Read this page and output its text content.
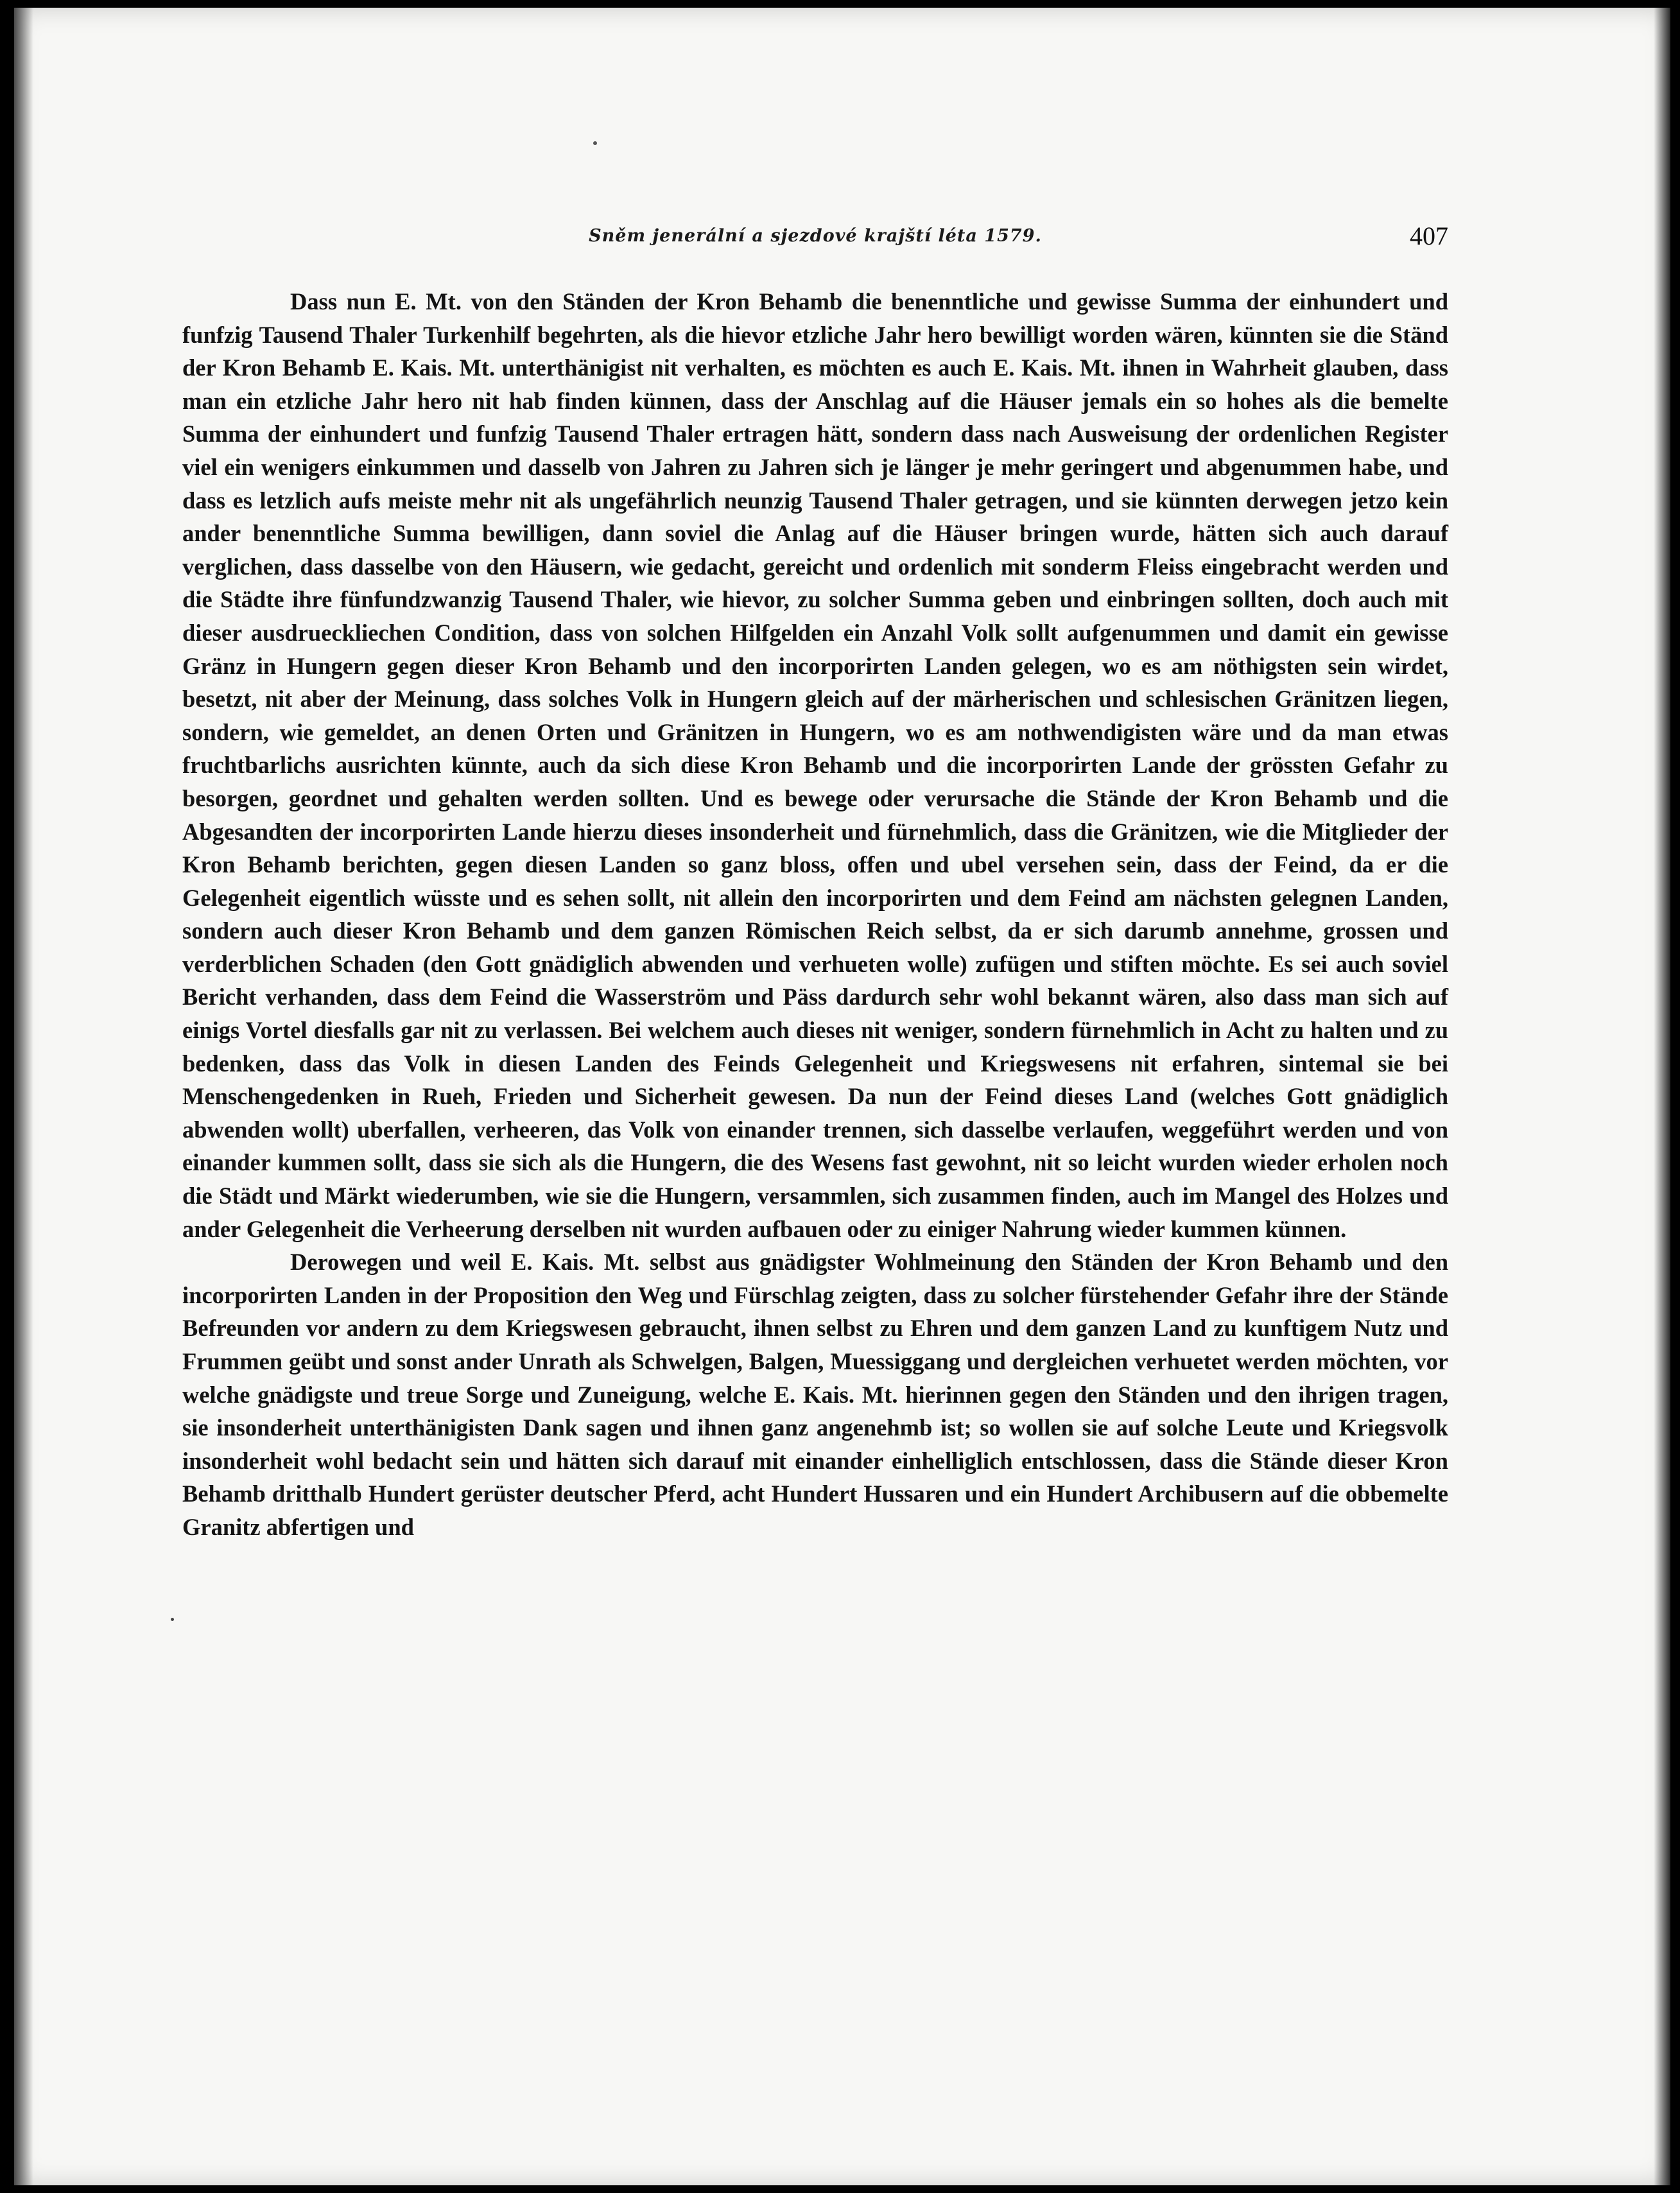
Sněm jenerální a sjezdové krajští léta 1579.	407

Dass nun E. Mt. von den Ständen der Kron Behamb die benenntliche und gewisse Summa der einhundert und funfzig Tausend Thaler Turkenhilf begehrten, als die hievor etzliche Jahr hero bewilligt worden wären, künnten sie die Ständ der Kron Behamb E. Kais. Mt. unterthänigist nit verhalten, es möchten es auch E. Kais. Mt. ihnen in Wahrheit glauben, dass man ein etzliche Jahr hero nit hab finden künnen, dass der Anschlag auf die Häuser jemals ein so hohes als die bemelte Summa der einhundert und funfzig Tausend Thaler ertragen hätt, sondern dass nach Ausweisung der ordenlichen Register viel ein wenigers einkummen und dasselb von Jahren zu Jahren sich je länger je mehr geringert und abgenummen habe, und dass es letzlich aufs meiste mehr nit als ungefährlich neunzig Tausend Thaler getragen, und sie künnten derwegen jetzo kein ander benenntliche Summa bewilligen, dann soviel die Anlag auf die Häuser bringen wurde, hätten sich auch darauf verglichen, dass dasselbe von den Häusern, wie gedacht, gereicht und ordenlich mit sonderm Fleiss eingebracht werden und die Städte ihre fünfundzwanzig Tausend Thaler, wie hievor, zu solcher Summa geben und einbringen sollten, doch auch mit dieser ausdrueckliechen Condition, dass von solchen Hilfgelden ein Anzahl Volk sollt aufgenummen und damit ein gewisse Gränz in Hungern gegen dieser Kron Behamb und den incorporirten Landen gelegen, wo es am nöthigsten sein wirdet, besetzt, nit aber der Meinung, dass solches Volk in Hungern gleich auf der märherischen und schlesischen Gränitzen liegen, sondern, wie gemeldet, an denen Orten und Gränitzen in Hungern, wo es am nothwendigisten wäre und da man etwas fruchtbarlichs ausrichten künnte, auch da sich diese Kron Behamb und die incorporirten Lande der grössten Gefahr zu besorgen, geordnet und gehalten werden sollten. Und es bewege oder verursache die Stände der Kron Behamb und die Abgesandten der incorporirten Lande hierzu dieses insonderheit und fürnehmlich, dass die Gränitzen, wie die Mitglieder der Kron Behamb berichten, gegen diesen Landen so ganz bloss, offen und ubel versehen sein, dass der Feind, da er die Gelegenheit eigentlich wüsste und es sehen sollt, nit allein den incorporirten und dem Feind am nächsten gelegnen Landen, sondern auch dieser Kron Behamb und dem ganzen Römischen Reich selbst, da er sich darumb annehme, grossen und verderblichen Schaden (den Gott gnädiglich abwenden und verhueten wolle) zufügen und stiften möchte. Es sei auch soviel Bericht verhanden, dass dem Feind die Wasserström und Päss dardurch sehr wohl bekannt wären, also dass man sich auf einigs Vortel diesfalls gar nit zu verlassen. Bei welchem auch dieses nit weniger, sondern fürnehmlich in Acht zu halten und zu bedenken, dass das Volk in diesen Landen des Feinds Gelegenheit und Kriegswesens nit erfahren, sintemal sie bei Menschengedenken in Rueh, Frieden und Sicherheit gewesen. Da nun der Feind dieses Land (welches Gott gnädiglich abwenden wollt) uberfallen, verheeren, das Volk von einander trennen, sich dasselbe verlaufen, weggeführt werden und von einander kummen sollt, dass sie sich als die Hungern, die des Wesens fast gewohnt, nit so leicht wurden wieder erholen noch die Städt und Märkt wiederumben, wie sie die Hungern, versammlen, sich zusammen finden, auch im Mangel des Holzes und ander Gelegenheit die Verheerung derselben nit wurden aufbauen oder zu einiger Nahrung wieder kummen künnen.

Derowegen und weil E. Kais. Mt. selbst aus gnädigster Wohlmeinung den Ständen der Kron Behamb und den incorporirten Landen in der Proposition den Weg und Fürschlag zeigten, dass zu solcher fürstehender Gefahr ihre der Stände Befreunden vor andern zu dem Kriegswesen gebraucht, ihnen selbst zu Ehren und dem ganzen Land zu kunftigem Nutz und Frummen geübt und sonst ander Unrath als Schwelgen, Balgen, Muessiggang und dergleichen verhuetet werden möchten, vor welche gnädigste und treue Sorge und Zuneigung, welche E. Kais. Mt. hierinnen gegen den Ständen und den ihrigen tragen, sie insonderheit unterthänigisten Dank sagen und ihnen ganz angenehmb ist; so wollen sie auf solche Leute und Kriegsvolk insonderheit wohl bedacht sein und hätten sich darauf mit einander einhelliglich entschlossen, dass die Stände dieser Kron Behamb dritthalb Hundert gerüster deutscher Pferd, acht Hundert Hussaren und ein Hundert Archibusern auf die obbemelte Granitz abfertigen und
